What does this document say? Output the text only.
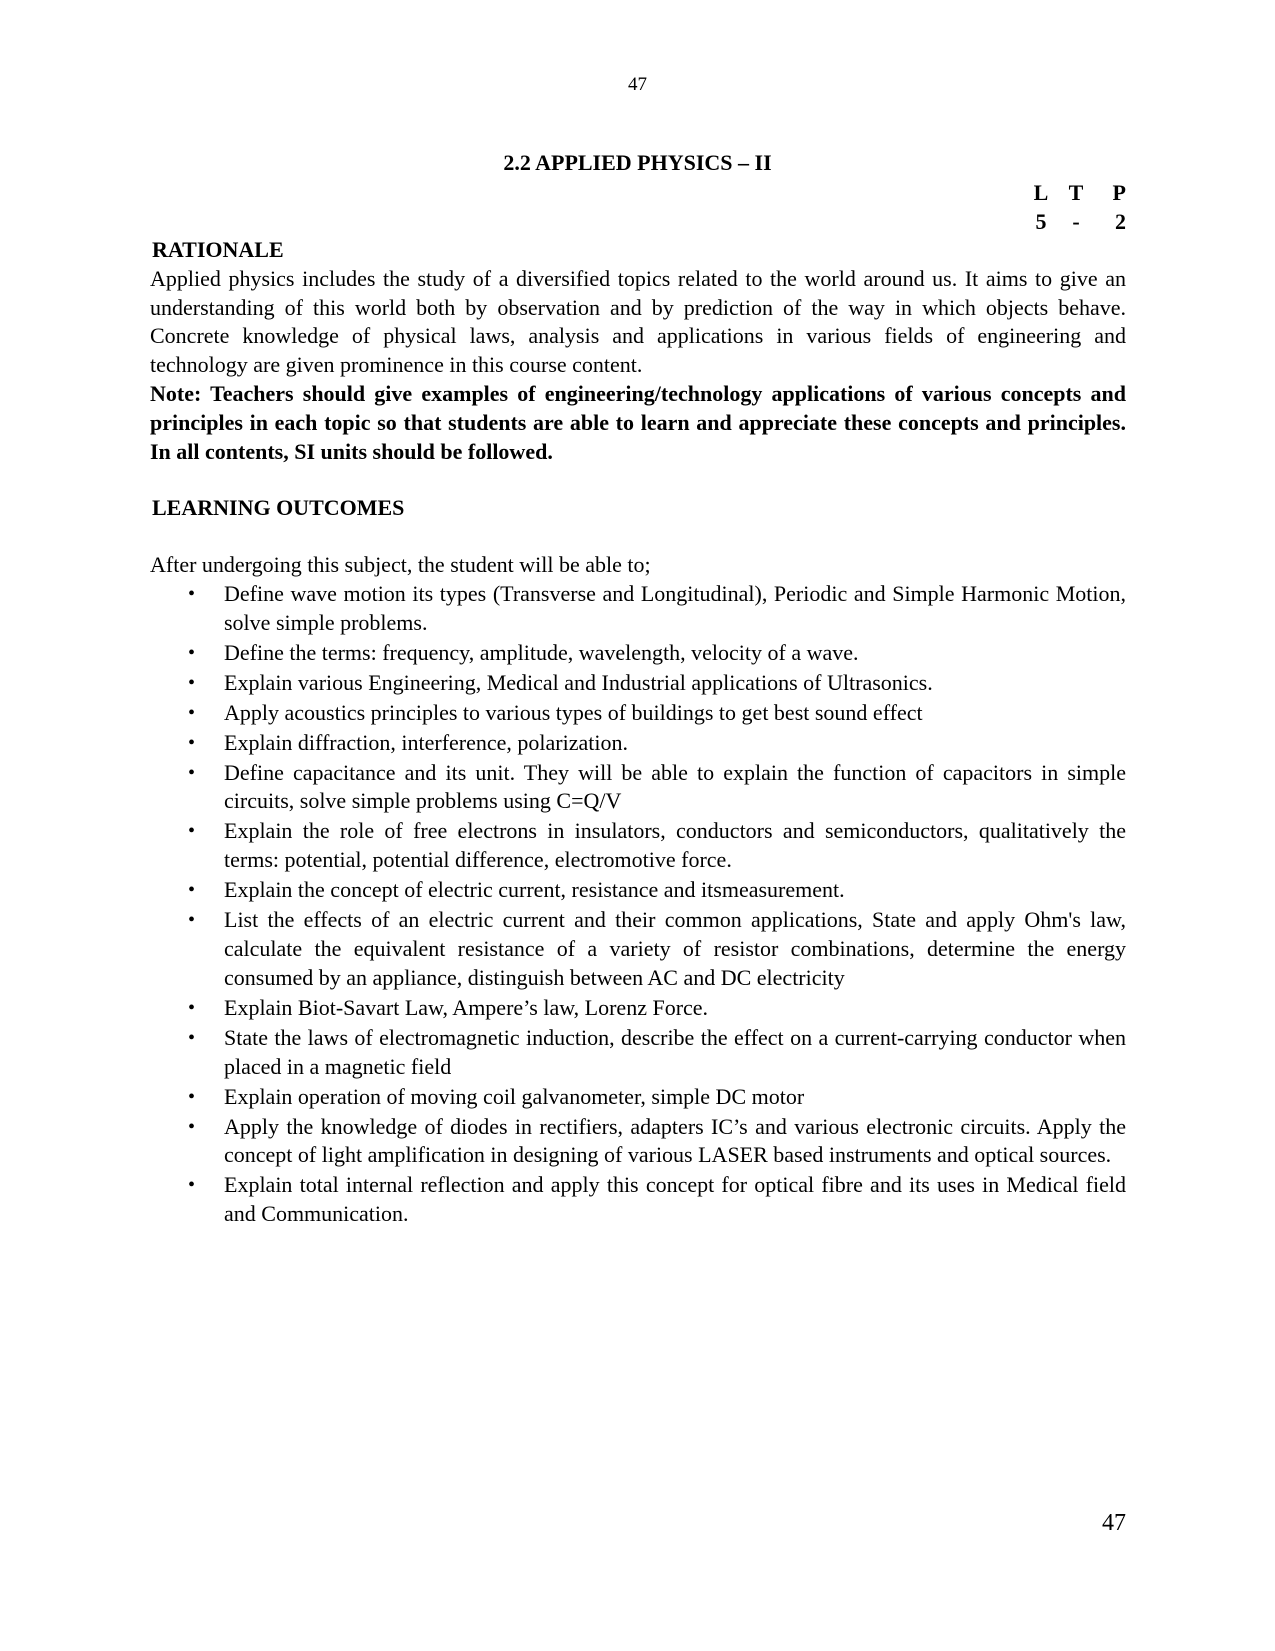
47
2.2 APPLIED PHYSICS – II
L T	P
5	-	2

RATIONALE

Applied physics includes the study of a diversified topics related to the world around us. It aims to give an understanding of this world both by observation and by prediction of the way in which objects behave. Concrete knowledge of physical laws, analysis and applications in various fields of engineering and technology are given prominence in this course content.

Note: Teachers should give examples of engineering/technology applications of various concepts and principles in each topic so that students are able to learn and appreciate these concepts and principles. In all contents, SI units should be followed.

LEARNING OUTCOMES

After undergoing this subject, the student will be able to;

• Define wave motion its types (Transverse and Longitudinal), Periodic and Simple Harmonic Motion, solve simple problems.
• Define the terms: frequency, amplitude, wavelength, velocity of a wave.
• Explain various Engineering, Medical and Industrial applications of Ultrasonics.
• Apply acoustics principles to various types of buildings to get best sound effect
• Explain diffraction, interference, polarization.
• Define capacitance and its unit. They will be able to explain the function of capacitors in simple circuits, solve simple problems using C=Q/V
• Explain the role of free electrons in insulators, conductors and semiconductors, qualitatively the terms: potential, potential difference, electromotive force.
• Explain the concept of electric current, resistance and itsmeasurement.
• List the effects of an electric current and their common applications, State and apply Ohm's law, calculate the equivalent resistance of a variety of resistor combinations, determine the energy consumed by an appliance, distinguish between AC and DC electricity
• Explain Biot-Savart Law, Ampere’s law, Lorenz Force.
• State the laws of electromagnetic induction, describe the effect on a current-carrying conductor when placed in a magnetic field
• Explain operation of moving coil galvanometer, simple DC motor
• Apply the knowledge of diodes in rectifiers, adapters IC’s and various electronic circuits. Apply the concept of light amplification in designing of various LASER based instruments and optical sources.
• Explain total internal reflection and apply this concept for optical fibre and its uses in Medical field and Communication.
47
